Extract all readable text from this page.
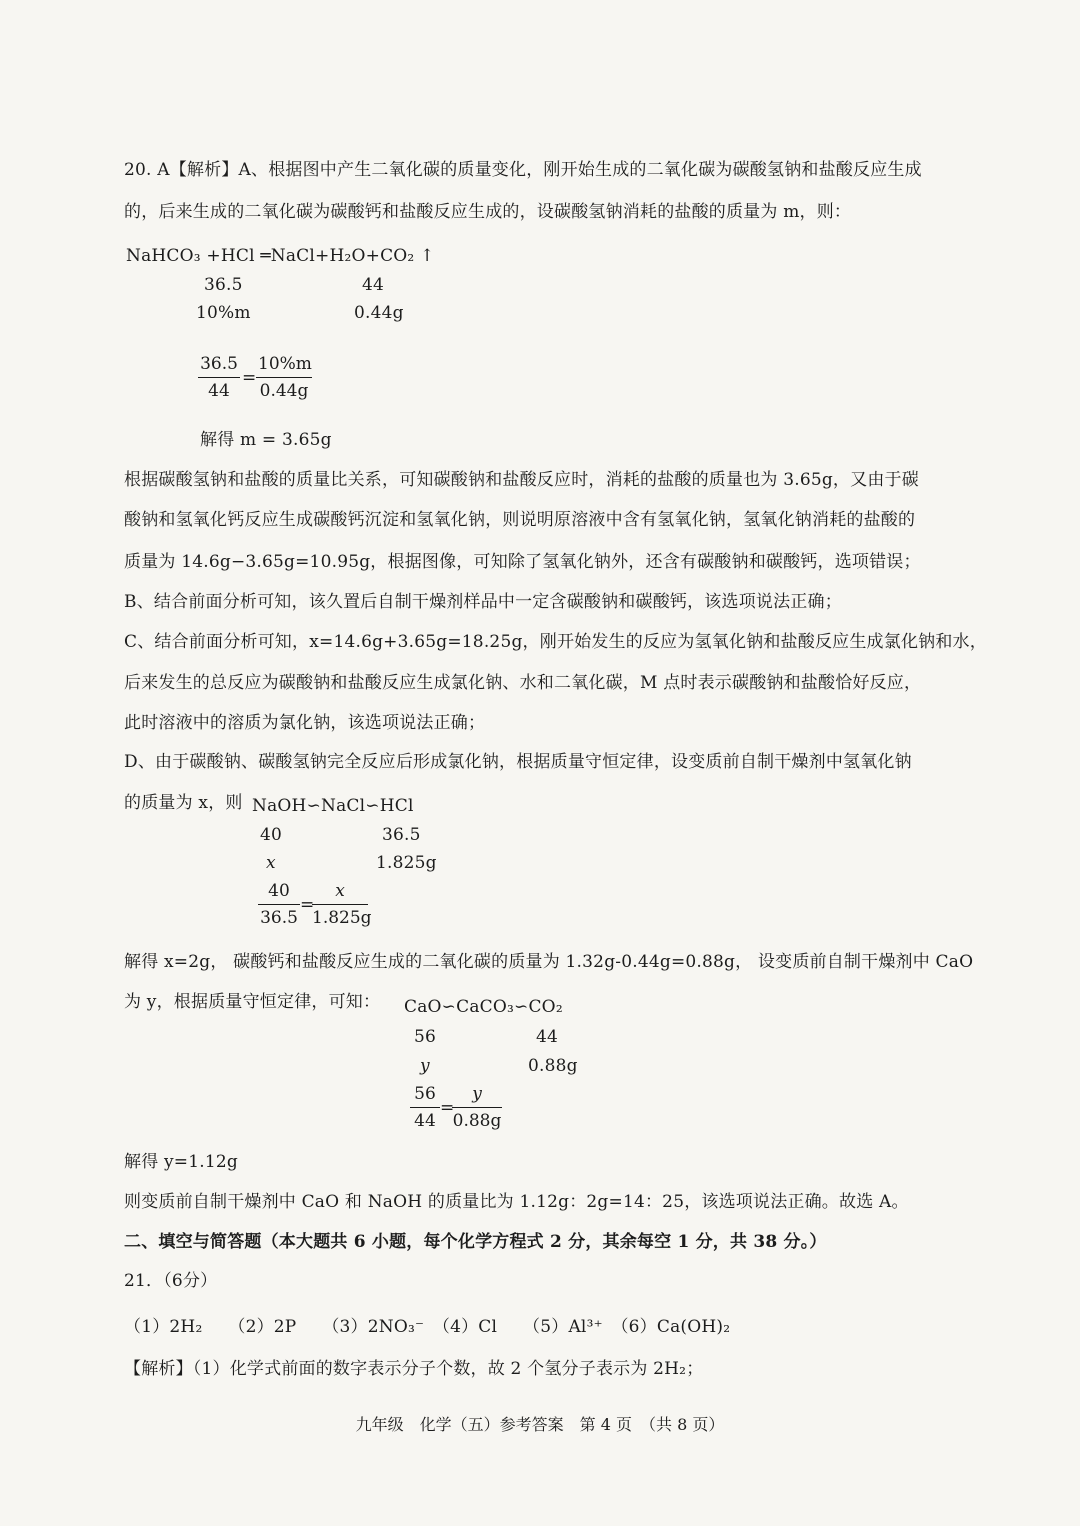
20. A【解析】A、根据图中产生二氧化碳的质量变化，刚开始生成的二氧化碳为碳酸氢钠和盐酸反应生成
的，后来生成的二氧化碳为碳酸钙和盐酸反应生成的，设碳酸氢钠消耗的盐酸的质量为 m，则：
NaHCO₃ +HCl ═NaCl+H₂O+CO₂ ↑
36.5	44
10%m	0.44g
$\frac{36.5}{44} = \frac{10\%m}{0.44g}$
解得 m = 3.65g
根据碳酸氢钠和盐酸的质量比关系，可知碳酸钠和盐酸反应时，消耗的盐酸的质量也为 3.65g，又由于碳
酸钠和氢氧化钙反应生成碳酸钙沉淀和氢氧化钠，则说明原溶液中含有氢氧化钠，氢氧化钠消耗的盐酸的
质量为 14.6g−3.65g=10.95g，根据图像，可知除了氢氧化钠外，还含有碳酸钠和碳酸钙，选项错误；
B、结合前面分析可知，该久置后自制干燥剂样品中一定含碳酸钠和碳酸钙，该选项说法正确；
C、结合前面分析可知，x=14.6g+3.65g=18.25g，刚开始发生的反应为氢氧化钠和盐酸反应生成氯化钠和水，
后来发生的总反应为碳酸钠和盐酸反应生成氯化钠、水和二氧化碳，M 点时表示碳酸钠和盐酸恰好反应，
此时溶液中的溶质为氯化钠，该选项说法正确；
D、由于碳酸钠、碳酸氢钠完全反应后形成氯化钠，根据质量守恒定律，设变质前自制干燥剂中氢氧化钠
的质量为 x，则 NaOH∽NaCl∽HCl
40	36.5
x	1.825g
$\frac{40}{36.5}$ =
$\frac{x}{1.825g}$
解得 x=2g， 碳酸钙和盐酸反应生成的二氧化碳的质量为 1.32g-0.44g=0.88g， 设变质前自制干燥剂中 CaO
为 y，根据质量守恒定律，可知： CaO∽CaCO₃∽CO₂
56	44
y	0.88g
$\frac{56}{44}$ =
$\frac{y}{0.88g}$
解得 y=1.12g
则变质前自制干燥剂中 CaO 和 NaOH 的质量比为 1.12g：2g=14：25，该选项说法正确。故选 A。
二、填空与简答题（本大题共 6 小题，每个化学方程式 2 分，其余每空 1 分，共 38 分。）
21．（6分）
（1）2H₂　　（2）2P　　（3）2NO₃⁻　（4）Cl　　（5）Al³⁺　（6）Ca(OH)₂
【解析】（1）化学式前面的数字表示分子个数，故 2 个氢分子表示为 2H₂；
九年级　化学（五）参考答案　第 4 页　（共 8 页）
